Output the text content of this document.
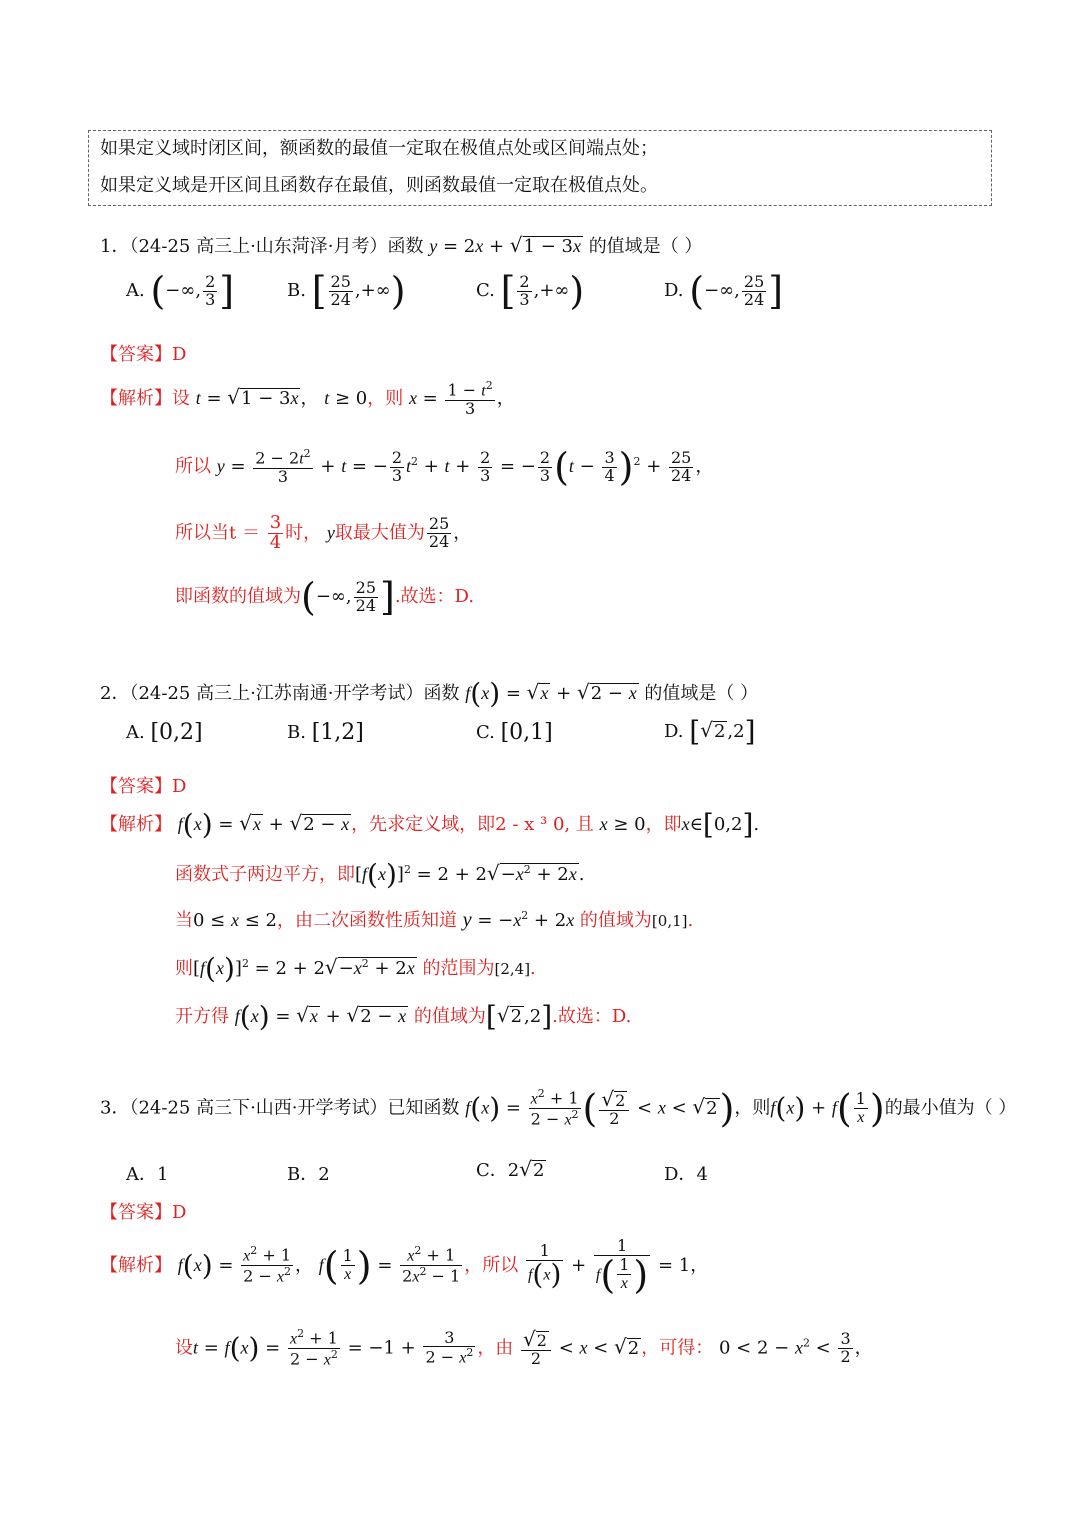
如果定义域时闭区间，额函数的最值一定取在极值点处或区间端点处；
如果定义域是开区间且函数存在最值，则函数最值一定取在极值点处。
1．（24-25 高三上·山东菏泽·月考）函数 y = 2x + √1 − 3x 的值域是（ ）
A. (−∞, $\frac{2}{3}$ ]	B. [ $\frac{25}{24}$ ,+∞)	C. [ $\frac{2}{3}$ ,+∞)	D. (−∞, $\frac{25}{24}$ ]
【答案】D
【解析】设 t = √1 − 3x ， t ≥ 0，则 $x = \frac{1 - t^2}{3}$ ，
所以 $y = \frac{2 - 2t^2}{3} + t$ = − $\frac{2}{3} t^2 + t + \frac{2}{3}$ = − $\frac{2}{3} (t - \frac{3}{4} )^2 + \frac{25}{24}$ ，
所以当$t = \frac{3}{4}$ 时， y取最大值为 $\frac{25}{24}$ ，
即函数的值域为(−∞, $\frac{25}{24}$ ].故选：D.
2．（24-25 高三上·江苏南通·开学考试）函数 f(x) = √x + √2 − x 的值域是（ ）
A. [0,2]	B. [1,2]	C. [0,1]	D. [√2 ,2]
【答案】D
【解析】 f(x) = √x + √2 − x ，先求定义域，即2 - x ³ 0, 且 x ≥ 0，即x∈[0,2].
函数式子两边平方，即$[f(x)]^2 = 2 + 2√-x^2 + 2x$ .
当0 ≤ x ≤ 2，由二次函数性质知道 $y = -x^2 + 2x$ 的值域为[0,1].
则$[f(x)]^2 = 2 + 2√-x^2 + 2x$ 的范围为[2,4].
开方得 f(x) = √x + √2 − x 的值域为[√2 ,2].故选：D.
3．（24-25 高三下·山西·开学考试）已知函数 $f(x) = \frac{x^2 + 1}{2 - x^2}$ ( $\frac{√2}{2} < x < √2$)，则$f(x) + f( \frac{1}{x}$ )的最小值为（ ）
A．1	B．2	C．2√2	D．4
【答案】D
【解析】 $f(x) = \frac{x^2 + 1}{2 - x^2}$ ， $f( \frac{1}{x}$ ) = $\frac{x^2 + 1}{2x^2 - 1}$ ，所以 $\frac{1}{f(x)} + \frac{1}{f( \frac{1}{x} )} = 1$，
设$t = f(x) = \frac{x^2 + 1}{2 - x^2} = -1 + \frac{3}{2 - x^2}$ ，由 $\frac{√2}{2} < x < √2$ ，可得： $0 < 2 - x^2 < \frac{3}{2}$ ，
